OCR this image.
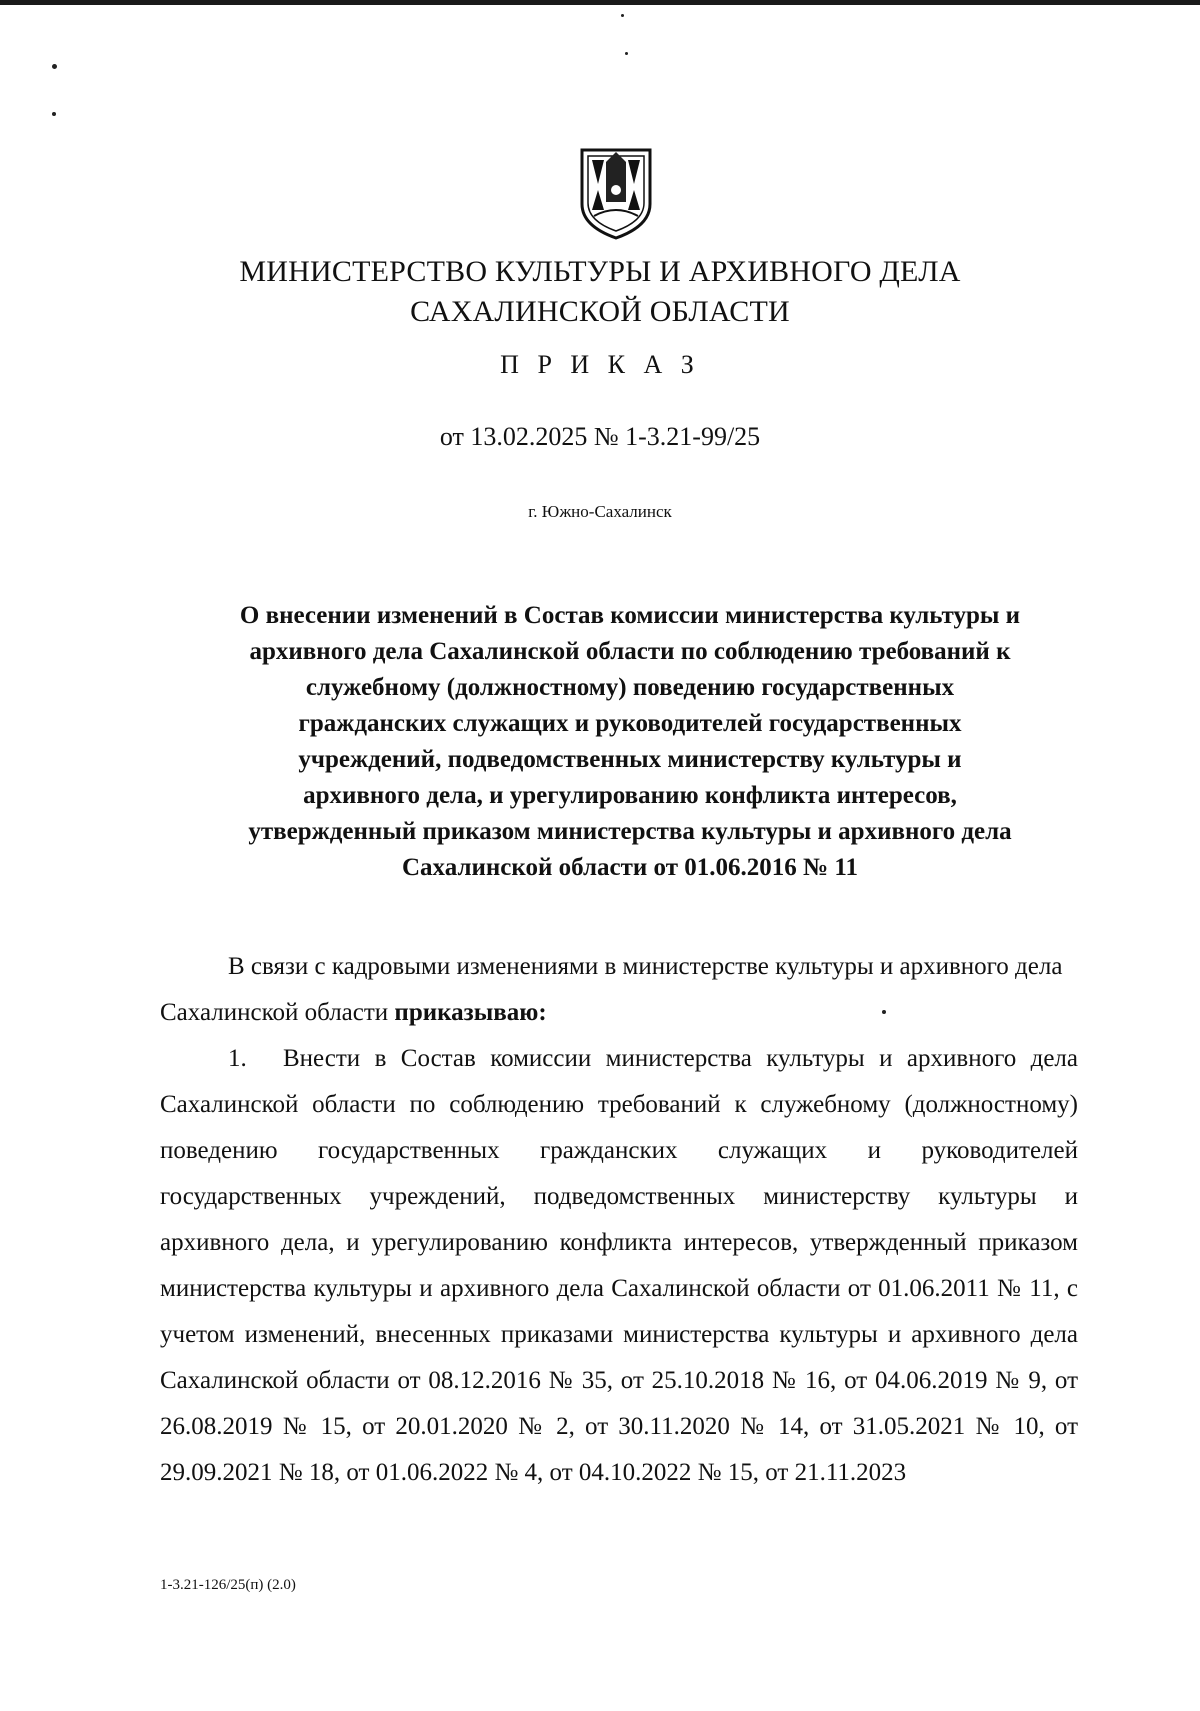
МИНИСТЕРСТВО КУЛЬТУРЫ И АРХИВНОГО ДЕЛА
САХАЛИНСКОЙ ОБЛАСТИ
П Р И К А З
от 13.02.2025 № 1-3.21-99/25
г. Южно-Сахалинск
О внесении изменений в Состав комиссии министерства культуры и
архивного дела Сахалинской области по соблюдению требований к
служебному (должностному) поведению государственных
гражданских служащих и руководителей государственных
учреждений, подведомственных министерству культуры и
архивного дела, и урегулированию конфликта интересов,
утвержденный приказом министерства культуры и архивного дела
Сахалинской области от 01.06.2016 № 11
В связи с кадровыми изменениями в министерстве культуры и архивного дела Сахалинской области приказываю:
1. Внести в Состав комиссии министерства культуры и архивного дела Сахалинской области по соблюдению требований к служебному (должностному) поведению государственных гражданских служащих и руководителей государственных учреждений, подведомственных министерству культуры и архивного дела, и урегулированию конфликта интересов, утвержденный приказом министерства культуры и архивного дела Сахалинской области от 01.06.2011 № 11, с учетом изменений, внесенных приказами министерства культуры и архивного дела Сахалинской области от 08.12.2016 № 35, от 25.10.2018 № 16, от 04.06.2019 № 9, от 26.08.2019 № 15, от 20.01.2020 № 2, от 30.11.2020 № 14, от 31.05.2021 № 10, от 29.09.2021 № 18, от 01.06.2022 № 4, от 04.10.2022 № 15, от 21.11.2023
1-3.21-126/25(п) (2.0)
